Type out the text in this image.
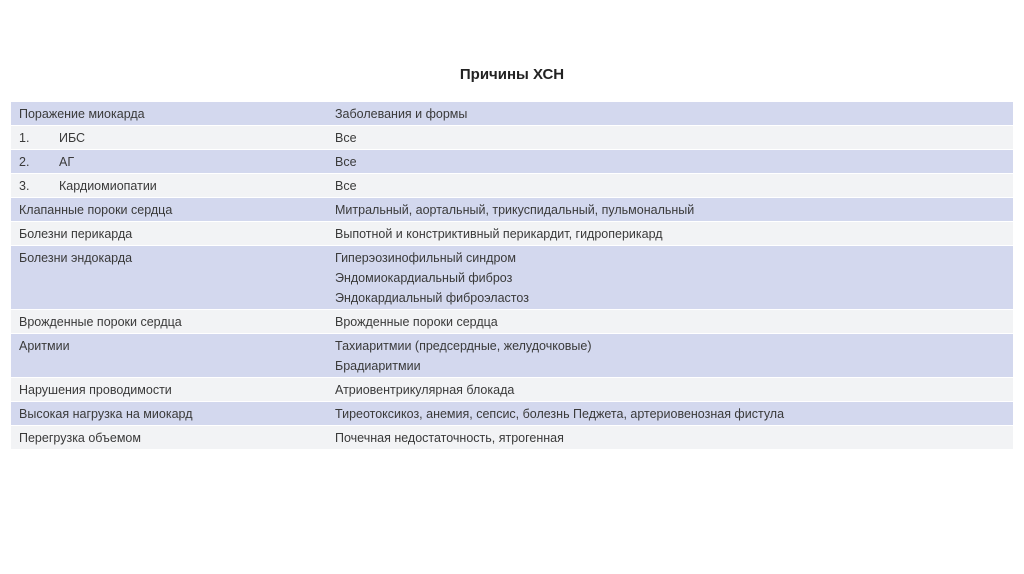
Причины ХСН
Поражение миокарда	Заболевания и формы

1. ИБС	Все

2. АГ	Все

3. Кардиомиопатии	Все
Клапанные пороки сердца	Митральный, аортальный, трикуспидальный, пульмональный

Болезни перикарда	Выпотной и констриктивный перикардит, гидроперикард

Болезни эндокарда	Гиперэозинофильный синдром
Эндомиокардиальный фиброз
Эндокардиальный фиброэластоз

Врожденные пороки сердца	Врожденные пороки сердца

Аритмии	Тахиаритмии (предсердные, желудочковые)
Брадиаритмии

Нарушения проводимости	Атриовентрикулярная блокада

Высокая нагрузка на миокард	Тиреотоксикоз, анемия, сепсис, болезнь Педжета, артериовенозная фистула

Перегрузка объемом	Почечная недостаточность, ятрогенная
